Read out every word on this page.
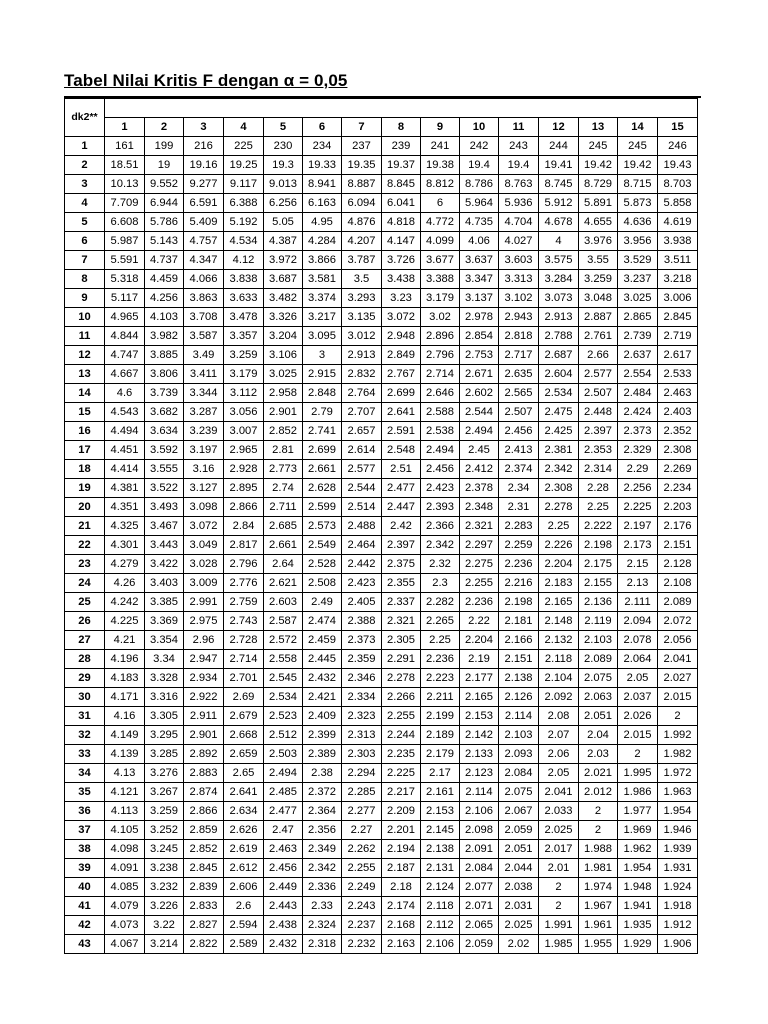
Tabel Nilai Kritis F dengan α = 0,05
dk2**															
	1	2	3	4	5	6	7	8	9	10	11	12	13	14	15
1	161	199	216	225	230	234	237	239	241	242	243	244	245	245	246
2	18.51	19	19.16	19.25	19.3	19.33	19.35	19.37	19.38	19.4	19.4	19.41	19.42	19.42	19.43
3	10.13	9.552	9.277	9.117	9.013	8.941	8.887	8.845	8.812	8.786	8.763	8.745	8.729	8.715	8.703
4	7.709	6.944	6.591	6.388	6.256	6.163	6.094	6.041	6	5.964	5.936	5.912	5.891	5.873	5.858
5	6.608	5.786	5.409	5.192	5.05	4.95	4.876	4.818	4.772	4.735	4.704	4.678	4.655	4.636	4.619
6	5.987	5.143	4.757	4.534	4.387	4.284	4.207	4.147	4.099	4.06	4.027	4	3.976	3.956	3.938
7	5.591	4.737	4.347	4.12	3.972	3.866	3.787	3.726	3.677	3.637	3.603	3.575	3.55	3.529	3.511
8	5.318	4.459	4.066	3.838	3.687	3.581	3.5	3.438	3.388	3.347	3.313	3.284	3.259	3.237	3.218
9	5.117	4.256	3.863	3.633	3.482	3.374	3.293	3.23	3.179	3.137	3.102	3.073	3.048	3.025	3.006
10	4.965	4.103	3.708	3.478	3.326	3.217	3.135	3.072	3.02	2.978	2.943	2.913	2.887	2.865	2.845
11	4.844	3.982	3.587	3.357	3.204	3.095	3.012	2.948	2.896	2.854	2.818	2.788	2.761	2.739	2.719
12	4.747	3.885	3.49	3.259	3.106	3	2.913	2.849	2.796	2.753	2.717	2.687	2.66	2.637	2.617
13	4.667	3.806	3.411	3.179	3.025	2.915	2.832	2.767	2.714	2.671	2.635	2.604	2.577	2.554	2.533
14	4.6	3.739	3.344	3.112	2.958	2.848	2.764	2.699	2.646	2.602	2.565	2.534	2.507	2.484	2.463
15	4.543	3.682	3.287	3.056	2.901	2.79	2.707	2.641	2.588	2.544	2.507	2.475	2.448	2.424	2.403
16	4.494	3.634	3.239	3.007	2.852	2.741	2.657	2.591	2.538	2.494	2.456	2.425	2.397	2.373	2.352
17	4.451	3.592	3.197	2.965	2.81	2.699	2.614	2.548	2.494	2.45	2.413	2.381	2.353	2.329	2.308
18	4.414	3.555	3.16	2.928	2.773	2.661	2.577	2.51	2.456	2.412	2.374	2.342	2.314	2.29	2.269
19	4.381	3.522	3.127	2.895	2.74	2.628	2.544	2.477	2.423	2.378	2.34	2.308	2.28	2.256	2.234
20	4.351	3.493	3.098	2.866	2.711	2.599	2.514	2.447	2.393	2.348	2.31	2.278	2.25	2.225	2.203
21	4.325	3.467	3.072	2.84	2.685	2.573	2.488	2.42	2.366	2.321	2.283	2.25	2.222	2.197	2.176
22	4.301	3.443	3.049	2.817	2.661	2.549	2.464	2.397	2.342	2.297	2.259	2.226	2.198	2.173	2.151
23	4.279	3.422	3.028	2.796	2.64	2.528	2.442	2.375	2.32	2.275	2.236	2.204	2.175	2.15	2.128
24	4.26	3.403	3.009	2.776	2.621	2.508	2.423	2.355	2.3	2.255	2.216	2.183	2.155	2.13	2.108
25	4.242	3.385	2.991	2.759	2.603	2.49	2.405	2.337	2.282	2.236	2.198	2.165	2.136	2.111	2.089
26	4.225	3.369	2.975	2.743	2.587	2.474	2.388	2.321	2.265	2.22	2.181	2.148	2.119	2.094	2.072
27	4.21	3.354	2.96	2.728	2.572	2.459	2.373	2.305	2.25	2.204	2.166	2.132	2.103	2.078	2.056
28	4.196	3.34	2.947	2.714	2.558	2.445	2.359	2.291	2.236	2.19	2.151	2.118	2.089	2.064	2.041
29	4.183	3.328	2.934	2.701	2.545	2.432	2.346	2.278	2.223	2.177	2.138	2.104	2.075	2.05	2.027
30	4.171	3.316	2.922	2.69	2.534	2.421	2.334	2.266	2.211	2.165	2.126	2.092	2.063	2.037	2.015
31	4.16	3.305	2.911	2.679	2.523	2.409	2.323	2.255	2.199	2.153	2.114	2.08	2.051	2.026	2
32	4.149	3.295	2.901	2.668	2.512	2.399	2.313	2.244	2.189	2.142	2.103	2.07	2.04	2.015	1.992
33	4.139	3.285	2.892	2.659	2.503	2.389	2.303	2.235	2.179	2.133	2.093	2.06	2.03	2	1.982
34	4.13	3.276	2.883	2.65	2.494	2.38	2.294	2.225	2.17	2.123	2.084	2.05	2.021	1.995	1.972
35	4.121	3.267	2.874	2.641	2.485	2.372	2.285	2.217	2.161	2.114	2.075	2.041	2.012	1.986	1.963
36	4.113	3.259	2.866	2.634	2.477	2.364	2.277	2.209	2.153	2.106	2.067	2.033	2	1.977	1.954
37	4.105	3.252	2.859	2.626	2.47	2.356	2.27	2.201	2.145	2.098	2.059	2.025	2	1.969	1.946
38	4.098	3.245	2.852	2.619	2.463	2.349	2.262	2.194	2.138	2.091	2.051	2.017	1.988	1.962	1.939
39	4.091	3.238	2.845	2.612	2.456	2.342	2.255	2.187	2.131	2.084	2.044	2.01	1.981	1.954	1.931
40	4.085	3.232	2.839	2.606	2.449	2.336	2.249	2.18	2.124	2.077	2.038	2	1.974	1.948	1.924
41	4.079	3.226	2.833	2.6	2.443	2.33	2.243	2.174	2.118	2.071	2.031	2	1.967	1.941	1.918
42	4.073	3.22	2.827	2.594	2.438	2.324	2.237	2.168	2.112	2.065	2.025	1.991	1.961	1.935	1.912
43	4.067	3.214	2.822	2.589	2.432	2.318	2.232	2.163	2.106	2.059	2.02	1.985	1.955	1.929	1.906
